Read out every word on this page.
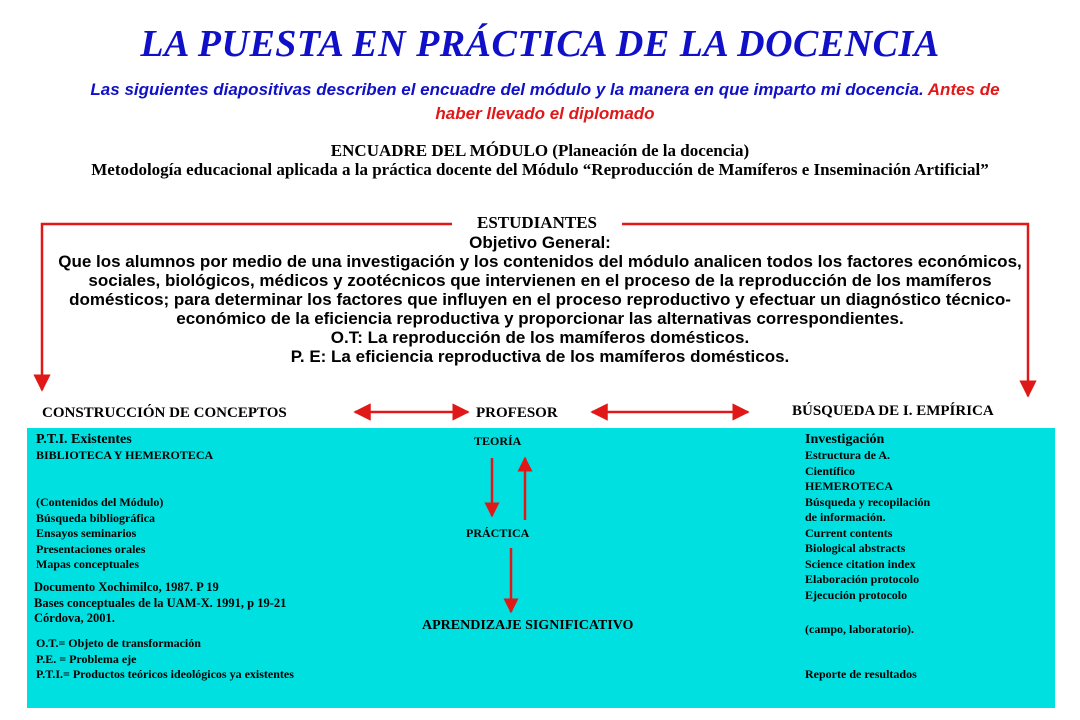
LA PUESTA EN PRÁCTICA DE LA DOCENCIA
Las siguientes diapositivas describen el encuadre del módulo y la manera en que imparto mi docencia. Antes de haber llevado el diplomado
ENCUADRE DEL MÓDULO (Planeación de la docencia)
Metodología educacional aplicada a la práctica docente del Módulo “Reproducción de Mamíferos e Inseminación Artificial”
ESTUDIANTES
Objetivo General:
Que los alumnos por medio de una investigación y los contenidos del módulo analicen todos los factores económicos, sociales, biológicos, médicos y zootécnicos que intervienen en el proceso de la reproducción de los mamíferos domésticos; para determinar los factores que influyen en el proceso reproductivo y efectuar un diagnóstico técnico-económico de la eficiencia reproductiva y proporcionar las alternativas correspondientes.
O.T: La reproducción de los mamíferos domésticos.
P. E: La eficiencia reproductiva de los mamíferos domésticos.
CONSTRUCCIÓN DE CONCEPTOS	PROFESOR	BÚSQUEDA DE I. EMPÍRICA
P.T.I. Existentes
BIBLIOTECA Y HEMEROTECA
(Contenidos del Módulo)
Búsqueda bibliográfica
Ensayos seminarios
Presentaciones orales
Mapas conceptuales
Documento Xochimilco, 1987. P 19
Bases conceptuales de la UAM-X. 1991, p 19-21
Córdova, 2001.
O.T.= Objeto de transformación
P.E. = Problema eje
P.T.I.= Productos teóricos ideológicos ya existentes
TEORÍA
PRÁCTICA
APRENDIZAJE SIGNIFICATIVO
Investigación
Estructura de A.
Científico
HEMEROTECA
Búsqueda y recopilación
de información.
Current contents
Biological abstracts
Science citation index
Elaboración protocolo
Ejecución protocolo
(campo, laboratorio).
Reporte de resultados
